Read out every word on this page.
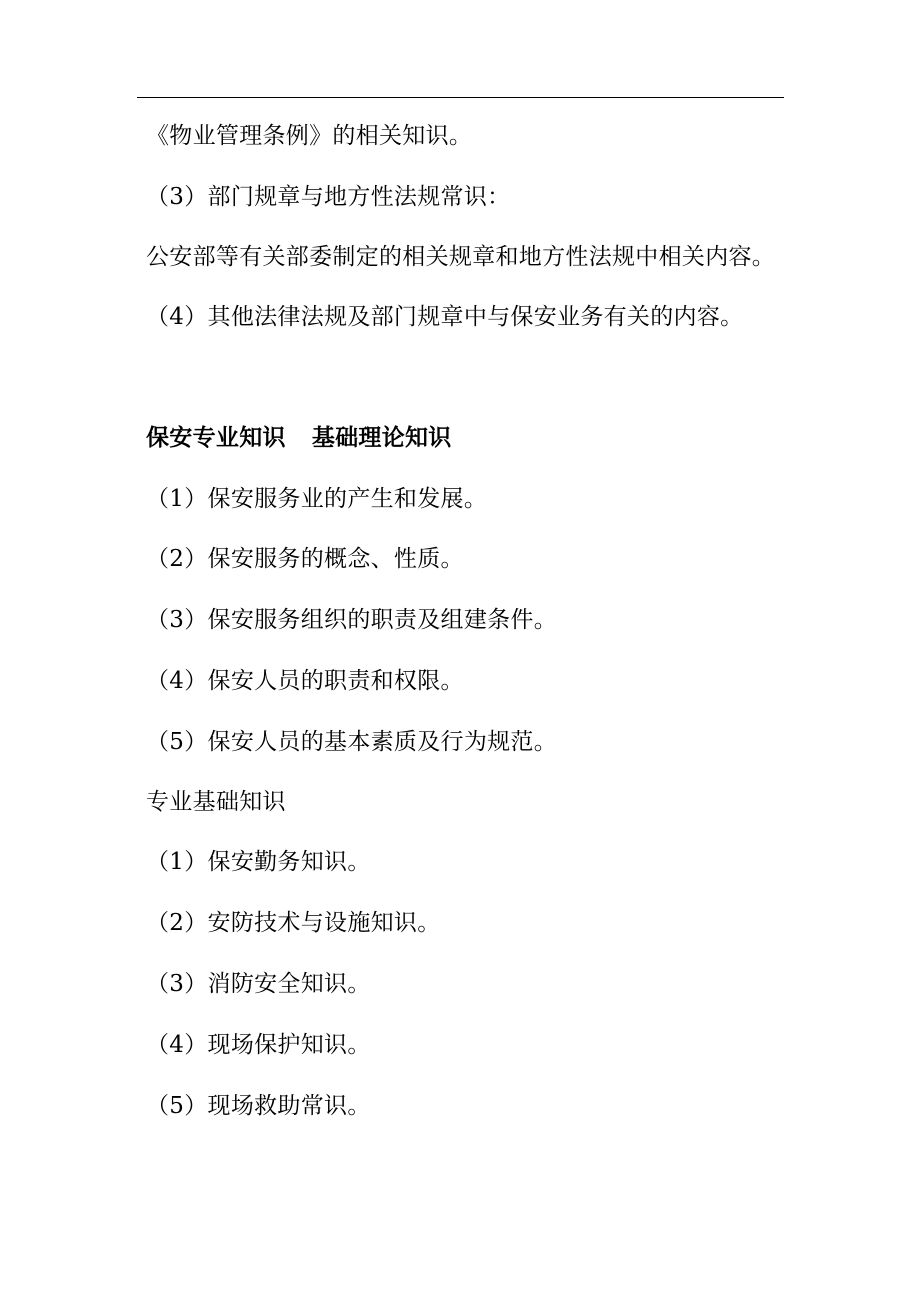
《物业管理条例》的相关知识。
（3）部门规章与地方性法规常识：
公安部等有关部委制定的相关规章和地方性法规中相关内容。
（4）其他法律法规及部门规章中与保安业务有关的内容。
保安专业知识 基础理论知识
（1）保安服务业的产生和发展。
（2）保安服务的概念、性质。
（3）保安服务组织的职责及组建条件。
（4）保安人员的职责和权限。
（5）保安人员的基本素质及行为规范。
专业基础知识
（1）保安勤务知识。
（2）安防技术与设施知识。
（3）消防安全知识。
（4）现场保护知识。
（5）现场救助常识。
